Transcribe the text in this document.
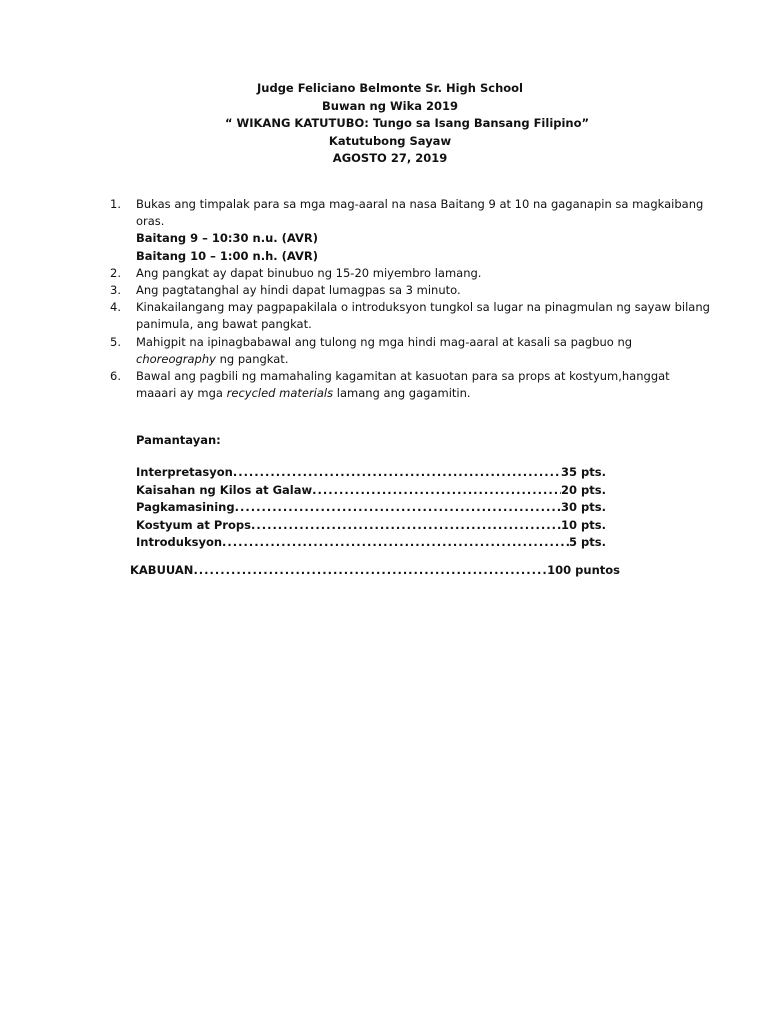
Judge Feliciano Belmonte Sr. High School
Buwan ng Wika 2019
“ WIKANG KATUTUBO: Tungo sa Isang Bansang Filipino”
Katutubong Sayaw
AGOSTO 27, 2019
1. Bukas ang timpalak para sa mga mag-aaral na nasa Baitang 9 at 10 na gaganapin sa magkaibang oras.
Baitang 9 – 10:30 n.u. (AVR)
Baitang 10 – 1:00 n.h. (AVR)
2. Ang pangkat ay dapat binubuo ng 15-20 miyembro lamang.
3. Ang pagtatanghal ay hindi dapat lumagpas sa 3 minuto.
4. Kinakailangang may pagpapakilala o introduksyon tungkol sa lugar na pinagmulan ng sayaw bilang panimula, ang bawat pangkat.
5. Mahigpit na ipinagbabawal ang tulong ng mga hindi mag-aaral at kasali sa pagbuo ng choreography ng pangkat.
6. Bawal ang pagbili ng mamahaling kagamitan at kasuotan para sa props at kostyum,hanggat maaari ay mga recycled materials lamang ang gagamitin.
Pamantayan:
Interpretasyon .....	35 pts.
Kaisahan ng Kilos at Galaw .....	20 pts.
Pagkamasining .....	30 pts.
Kostyum at Props .....	10 pts.
Introduksyon .....	5 pts.
KABUUAN .....	100 puntos
